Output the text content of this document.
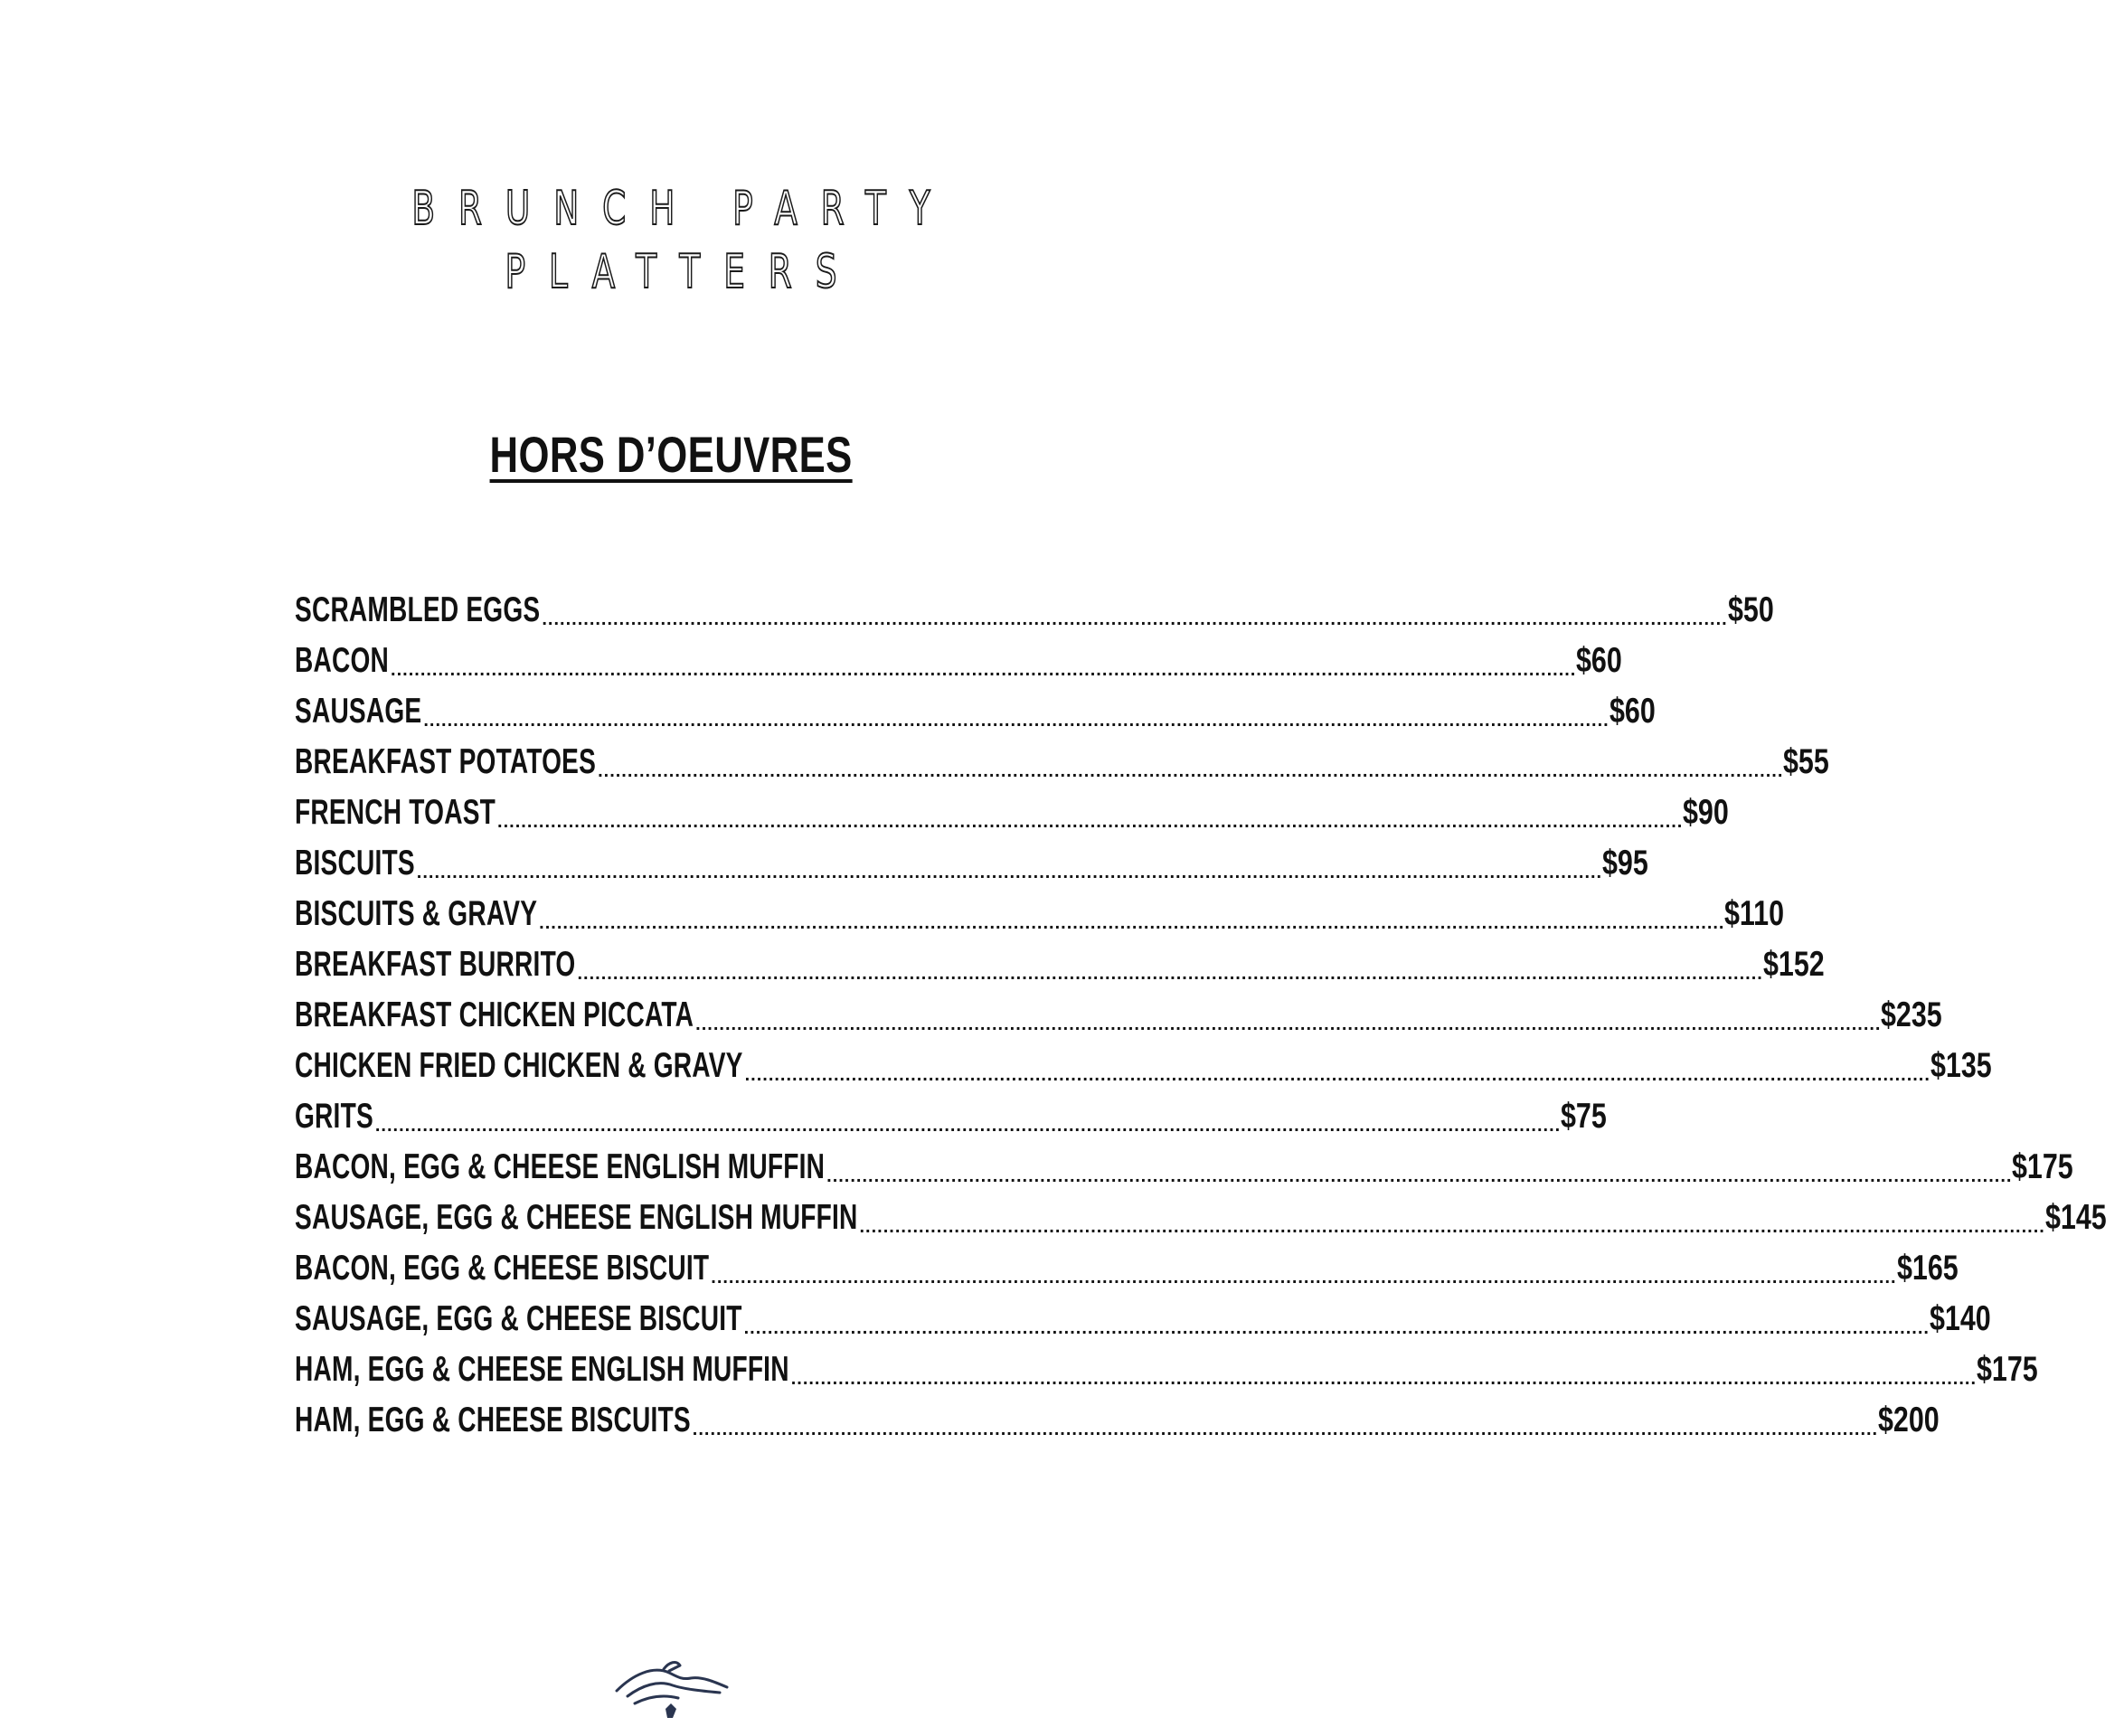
BRUNCH PARTY
PLATTERS
HORS D’OEUVRES
SCRAMBLED EGGS ........................................................................................................................................................................................................ $50
BACON ........................................................................................................................................................................................................ $60
SAUSAGE ........................................................................................................................................................................................................ $60
BREAKFAST POTATOES ........................................................................................................................................................................................................ $55
FRENCH TOAST ........................................................................................................................................................................................................ $90
BISCUITS ........................................................................................................................................................................................................ $95
BISCUITS & GRAVY ........................................................................................................................................................................................................ $110
BREAKFAST BURRITO ........................................................................................................................................................................................................ $152
BREAKFAST CHICKEN PICCATA ........................................................................................................................................................................................................ $235
CHICKEN FRIED CHICKEN & GRAVY ........................................................................................................................................................................................................ $135
GRITS ........................................................................................................................................................................................................ $75
BACON, EGG & CHEESE ENGLISH MUFFIN ........................................................................................................................................................................................................ $175
SAUSAGE, EGG & CHEESE ENGLISH MUFFIN ........................................................................................................................................................................................................ $145
BACON, EGG & CHEESE BISCUIT ........................................................................................................................................................................................................ $165
SAUSAGE, EGG & CHEESE BISCUIT ........................................................................................................................................................................................................ $140
HAM, EGG & CHEESE ENGLISH MUFFIN ........................................................................................................................................................................................................ $175
HAM, EGG & CHEESE BISCUITS ........................................................................................................................................................................................................ $200
